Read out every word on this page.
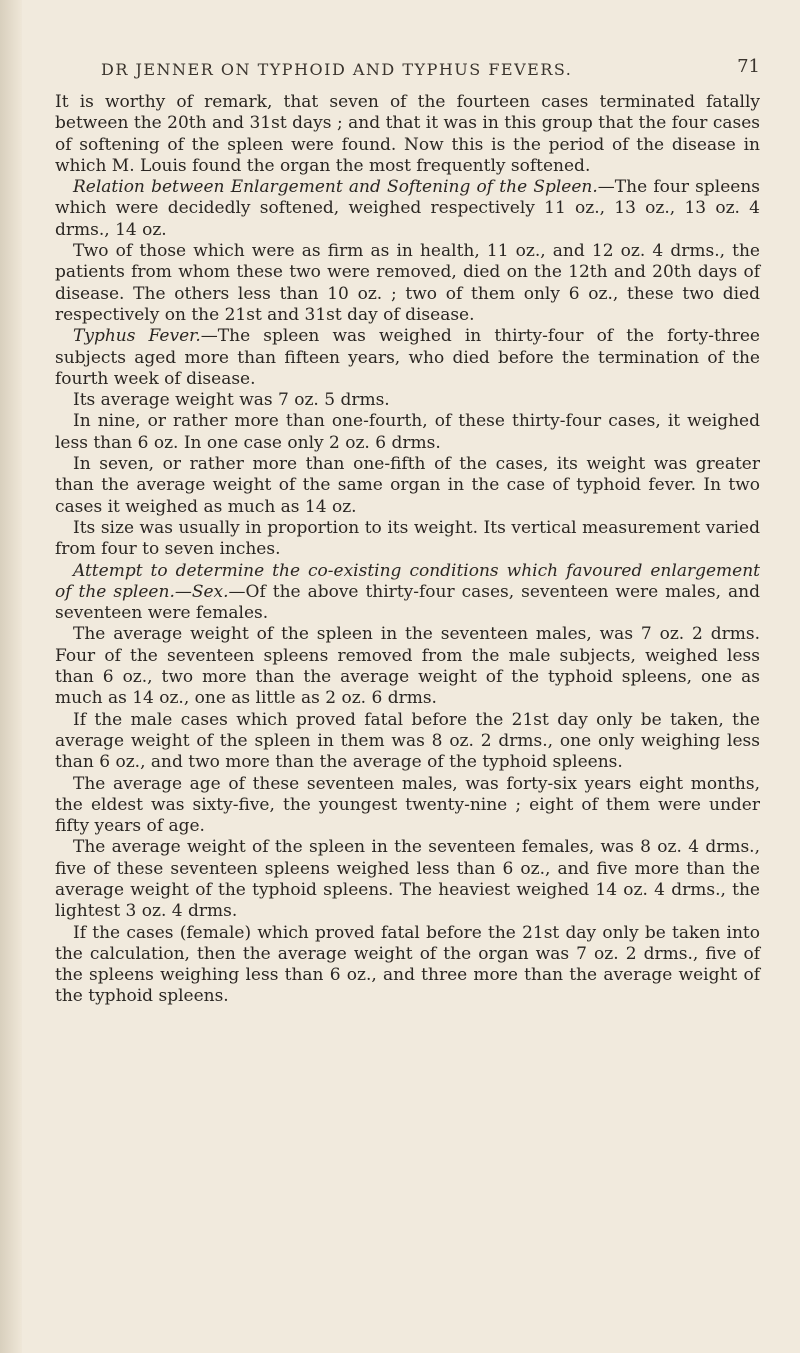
DR JENNER ON TYPHOID AND TYPHUS FEVERS.	71

It is worthy of remark, that seven of the fourteen cases terminated fatally between the 20th and 31st days ; and that it was in this group that the four cases of softening of the spleen were found. Now this is the period of the disease in which M. Louis found the organ the most frequently softened.

Relation between Enlargement and Softening of the Spleen.—The four spleens which were decidedly softened, weighed respectively 11 oz., 13 oz., 13 oz. 4 drms., 14 oz.

Two of those which were as firm as in health, 11 oz., and 12 oz. 4 drms., the patients from whom these two were removed, died on the 12th and 20th days of disease. The others less than 10 oz. ; two of them only 6 oz., these two died respectively on the 21st and 31st day of disease.

Typhus Fever.—The spleen was weighed in thirty-four of the forty-three subjects aged more than fifteen years, who died before the termination of the fourth week of disease.

Its average weight was 7 oz. 5 drms.

In nine, or rather more than one-fourth, of these thirty-four cases, it weighed less than 6 oz. In one case only 2 oz. 6 drms.

In seven, or rather more than one-fifth of the cases, its weight was greater than the average weight of the same organ in the case of typhoid fever. In two cases it weighed as much as 14 oz.

Its size was usually in proportion to its weight. Its vertical measurement varied from four to seven inches.

Attempt to determine the co-existing conditions which favoured enlargement of the spleen.—Sex.—Of the above thirty-four cases, seventeen were males, and seventeen were females.

The average weight of the spleen in the seventeen males, was 7 oz. 2 drms. Four of the seventeen spleens removed from the male subjects, weighed less than 6 oz., two more than the average weight of the typhoid spleens, one as much as 14 oz., one as little as 2 oz. 6 drms.

If the male cases which proved fatal before the 21st day only be taken, the average weight of the spleen in them was 8 oz. 2 drms., one only weighing less than 6 oz., and two more than the average of the typhoid spleens.

The average age of these seventeen males, was forty-six years eight months, the eldest was sixty-five, the youngest twenty-nine ; eight of them were under fifty years of age.

The average weight of the spleen in the seventeen females, was 8 oz. 4 drms., five of these seventeen spleens weighed less than 6 oz., and five more than the average weight of the typhoid spleens. The heaviest weighed 14 oz. 4 drms., the lightest 3 oz. 4 drms.

If the cases (female) which proved fatal before the 21st day only be taken into the calculation, then the average weight of the organ was 7 oz. 2 drms., five of the spleens weighing less than 6 oz., and three more than the average weight of the typhoid spleens.
